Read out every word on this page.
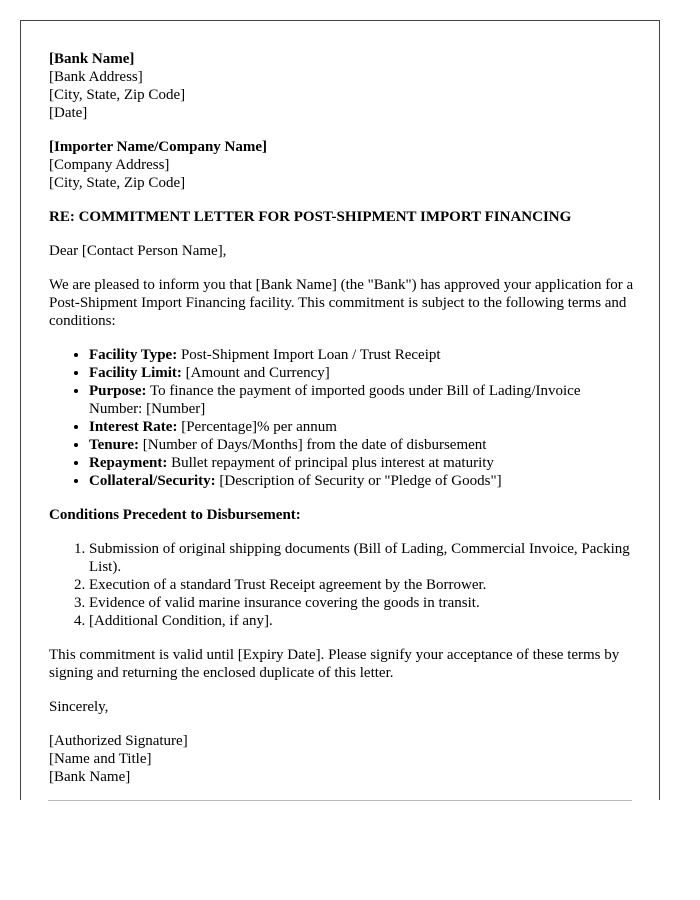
[Bank Name]
[Bank Address]
[City, State, Zip Code]
[Date]
[Importer Name/Company Name]
[Company Address]
[City, State, Zip Code]

RE: COMMITMENT LETTER FOR POST-SHIPMENT IMPORT FINANCING

Dear [Contact Person Name],

We are pleased to inform you that [Bank Name] (the "Bank") has approved your application for a Post-Shipment Import Financing facility. This commitment is subject to the following terms and conditions:

• Facility Type: Post-Shipment Import Loan / Trust Receipt
• Facility Limit: [Amount and Currency]
• Purpose: To finance the payment of imported goods under Bill of Lading/Invoice Number: [Number]
• Interest Rate: [Percentage]% per annum
• Tenure: [Number of Days/Months] from the date of disbursement
• Repayment: Bullet repayment of principal plus interest at maturity
• Collateral/Security: [Description of Security or "Pledge of Goods"]

Conditions Precedent to Disbursement:

1. Submission of original shipping documents (Bill of Lading, Commercial Invoice, Packing List).
2. Execution of a standard Trust Receipt agreement by the Borrower.
3. Evidence of valid marine insurance covering the goods in transit.
4. [Additional Condition, if any].

This commitment is valid until [Expiry Date]. Please signify your acceptance of these terms by signing and returning the enclosed duplicate of this letter.

Sincerely,

[Authorized Signature]
[Name and Title]
[Bank Name]
